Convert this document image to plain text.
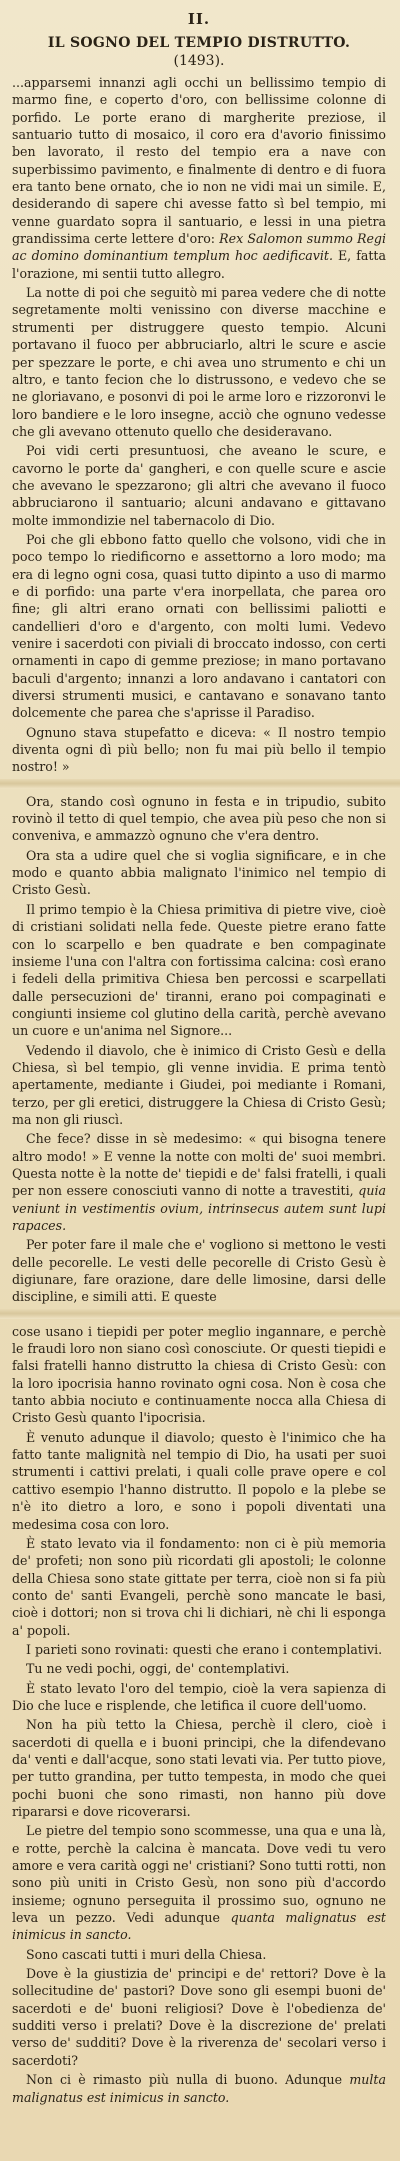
II.
IL SOGNO DEL TEMPIO DISTRUTTO.
(1493).

...apparsemi innanzi agli occhi un bellissimo tempio di marmo fine, e coperto d'oro, con bellissime colonne di porfido. Le porte erano di margherite preziose, il santuario tutto di mosaico, il coro era d'avorio finissimo ben lavorato, il resto del tempio era a nave con superbissimo pavimento, e finalmente di dentro e di fuora era tanto bene ornato, che io non ne vidi mai un simile. E, desiderando di sapere chi avesse fatto sì bel tempio, mi venne guardato sopra il santuario, e lessi in una pietra grandissima certe lettere d'oro: Rex Salomon summo Regi ac domino dominantium templum hoc aedificavit. E, fatta l'orazione, mi sentii tutto allegro.

La notte di poi che seguitò mi parea vedere che di notte segretamente molti venissino con diverse macchine e strumenti per distruggere questo tempio. Alcuni portavano il fuoco per abbruciarlo, altri le scure e ascie per spezzare le porte, e chi avea uno strumento e chi un altro, e tanto fecion che lo distrussono, e vedevo che se ne gloriavano, e posonvi di poi le arme loro e rizzoronvi le loro bandiere e le loro insegne, acciò che ognuno vedesse che gli avevano ottenuto quello che desideravano.

Poi vidi certi presuntuosi, che aveano le scure, e cavorno le porte da' gangheri, e con quelle scure e ascie che avevano le spezzarono; gli altri che avevano il fuoco abbruciarono il santuario; alcuni andavano e gittavano molte immondizie nel tabernacolo di Dio.

Poi che gli ebbono fatto quello che volsono, vidi che in poco tempo lo riedificorno e assettorno a loro modo; ma era di legno ogni cosa, quasi tutto dipinto a uso di marmo e di porfido: una parte v'era inorpellata, che parea oro fine; gli altri erano ornati con bellissimi paliotti e candellieri d'oro e d'argento, con molti lumi. Vedevo venire i sacerdoti con piviali di broccato indosso, con certi ornamenti in capo di gemme preziose; in mano portavano baculi d'argento; innanzi a loro andavano i cantatori con diversi strumenti musici, e cantavano e sonavano tanto dolcemente che parea che s'aprisse il Paradiso.

Ognuno stava stupefatto e diceva: « Il nostro tempio diventa ogni dì più bello; non fu mai più bello il tempio nostro! »

Ora, stando così ognuno in festa e in tripudio, subito rovinò il tetto di quel tempio, che avea più peso che non si conveniva, e ammazzò ognuno che v'era dentro.

Ora sta a udire quel che si voglia significare, e in che modo e quanto abbia malignato l'inimico nel tempio di Cristo Gesù.

Il primo tempio è la Chiesa primitiva di pietre vive, cioè di cristiani solidati nella fede. Queste pietre erano fatte con lo scarpello e ben quadrate e ben compaginate insieme l'una con l'altra con fortissima calcina: così erano i fedeli della primitiva Chiesa ben percossi e scarpellati dalle persecuzioni de' tiranni, erano poi compaginati e congiunti insieme col glutino della carità, perchè avevano un cuore e un'anima nel Signore...

Vedendo il diavolo, che è inimico di Cristo Gesù e della Chiesa, sì bel tempio, gli venne invidia. E prima tentò apertamente, mediante i Giudei, poi mediante i Romani, terzo, per gli eretici, distruggere la Chiesa di Cristo Gesù; ma non gli riuscì.

Che fece? disse in sè medesimo: « qui bisogna tenere altro modo! » E venne la notte con molti de' suoi membri. Questa notte è la notte de' tiepidi e de' falsi fratelli, i quali per non essere conosciuti vanno di notte a travestiti, quia veniunt in vestimentis ovium, intrinsecus autem sunt lupi rapaces.

Per poter fare il male che e' vogliono si mettono le vesti delle pecorelle. Le vesti delle pecorelle di Cristo Gesù è digiunare, fare orazione, dare delle limosine, darsi delle discipline, e simili atti. E queste

cose usano i tiepidi per poter meglio ingannare, e perchè le fraudi loro non siano così conosciute. Or questi tiepidi e falsi fratelli hanno distrutto la chiesa di Cristo Gesù: con la loro ipocrisia hanno rovinato ogni cosa. Non è cosa che tanto abbia nociuto e continuamente nocca alla Chiesa di Cristo Gesù quanto l'ipocrisia.

È venuto adunque il diavolo; questo è l'inimico che ha fatto tante malignità nel tempio di Dio, ha usati per suoi strumenti i cattivi prelati, i quali colle prave opere e col cattivo esempio l'hanno distrutto. Il popolo e la plebe se n'è ito dietro a loro, e sono i popoli diventati una medesima cosa con loro.

È stato levato via il fondamento: non ci è più memoria de' profeti; non sono più ricordati gli apostoli; le colonne della Chiesa sono state gittate per terra, cioè non si fa più conto de' santi Evangeli, perchè sono mancate le basi, cioè i dottori; non si trova chi li dichiari, nè chi li esponga a' popoli.

I parieti sono rovinati: questi che erano i contemplativi.

Tu ne vedi pochi, oggi, de' contemplativi.

È stato levato l'oro del tempio, cioè la vera sapienza di Dio che luce e risplende, che letifica il cuore dell'uomo.

Non ha più tetto la Chiesa, perchè il clero, cioè i sacerdoti di quella e i buoni principi, che la difendevano da' venti e dall'acque, sono stati levati via. Per tutto piove, per tutto grandina, per tutto tempesta, in modo che quei pochi buoni che sono rimasti, non hanno più dove ripararsi e dove ricoverarsi.

Le pietre del tempio sono scommesse, una qua e una là, e rotte, perchè la calcina è mancata. Dove vedi tu vero amore e vera carità oggi ne' cristiani? Sono tutti rotti, non sono più uniti in Cristo Gesù, non sono più d'accordo insieme; ognuno perseguita il prossimo suo, ognuno ne leva un pezzo. Vedi adunque quanta malignatus est inimicus in sancto.

Sono cascati tutti i muri della Chiesa.

Dove è la giustizia de' principi e de' rettori? Dove è la sollecitudine de' pastori? Dove sono gli esempi buoni de' sacerdoti e de' buoni religiosi? Dove è l'obedienza de' sudditi verso i prelati? Dove è la discrezione de' prelati verso de' sudditi? Dove è la riverenza de' secolari verso i sacerdoti?

Non ci è rimasto più nulla di buono. Adunque multa malignatus est inimicus in sancto.
